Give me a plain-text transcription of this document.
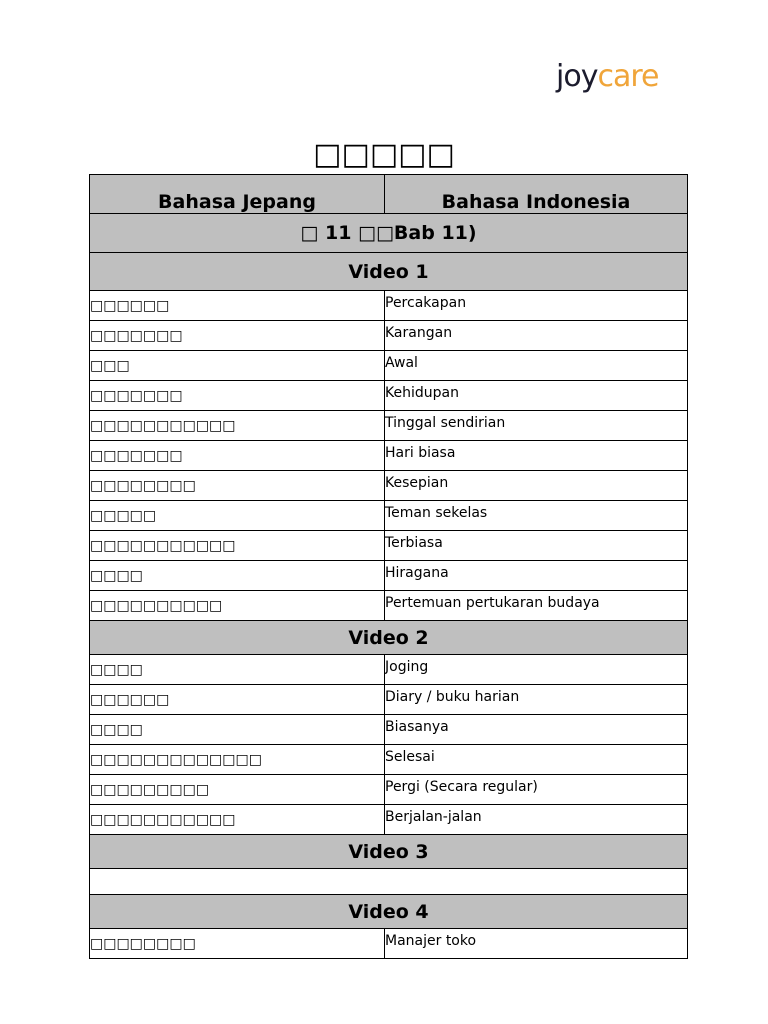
joycare
□□□□□
Bahasa Jepang	Bahasa Indonesia
□ 11 □□Bab 11)	
Video 1	
□□□□□□	Percakapan
□□□□□□□	Karangan
□□□	Awal
□□□□□□□	Kehidupan
□□□□□□□□□□□	Tinggal sendirian
□□□□□□□	Hari biasa
□□□□□□□□	Kesepian
□□□□□	Teman sekelas
□□□□□□□□□□□	Terbiasa
□□□□	Hiragana
□□□□□□□□□□	Pertemuan pertukaran budaya
Video 2	
□□□□	Joging
□□□□□□	Diary / buku harian
□□□□	Biasanya
□□□□□□□□□□□□□	Selesai
□□□□□□□□□	Pergi (Secara regular)
□□□□□□□□□□□	Berjalan-jalan
Video 3	

Video 4	
□□□□□□□□	Manajer toko
